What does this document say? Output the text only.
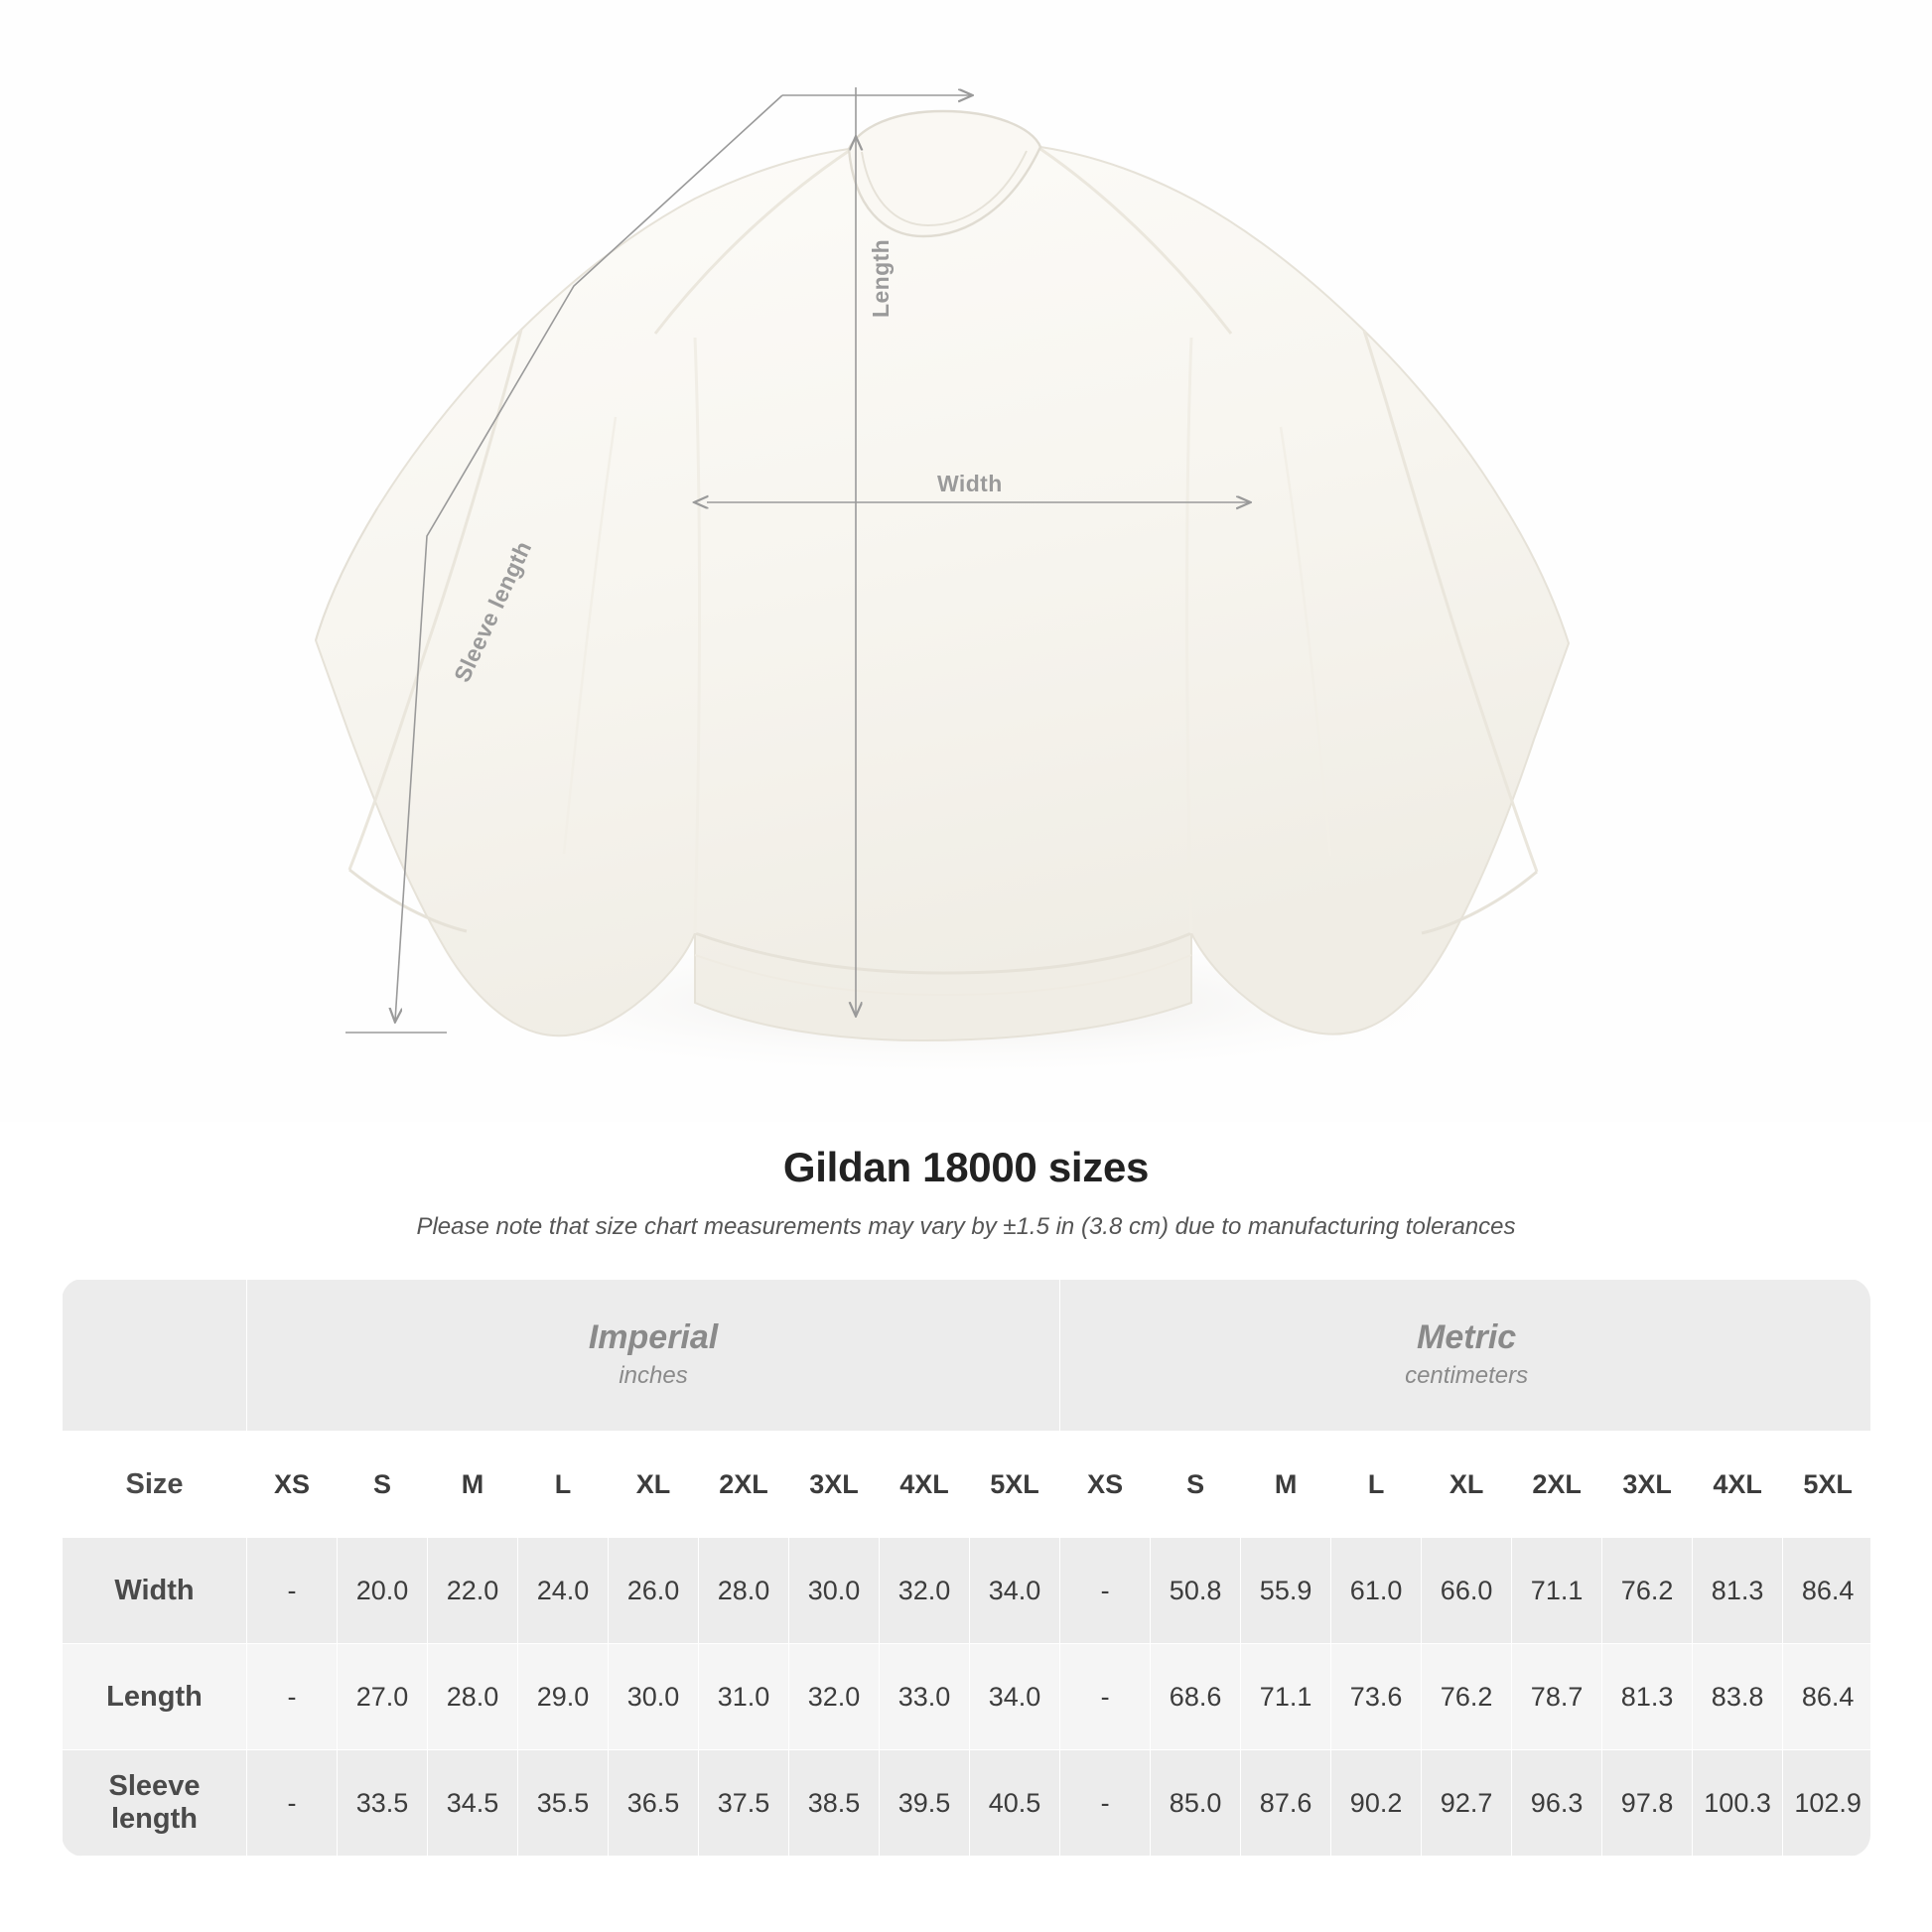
Length
Width
Sleeve length
Gildan 18000 sizes
Please note that size chart measurements may vary by ±1.5 in (3.8 cm) due to manufacturing tolerances

Imperial
inches

Metric
centimeters

Size	XS	S	M	L	XL	2XL	3XL	4XL	5XL	XS	S	M	L	XL	2XL	3XL	4XL	5XL
Width	-	20.0	22.0	24.0	26.0	28.0	30.0	32.0	34.0	-	50.8	55.9	61.0	66.0	71.1	76.2	81.3	86.4
Length	-	27.0	28.0	29.0	30.0	31.0	32.0	33.0	34.0	-	68.6	71.1	73.6	76.2	78.7	81.3	83.8	86.4
Sleeve length	-	33.5	34.5	35.5	36.5	37.5	38.5	39.5	40.5	-	85.0	87.6	90.2	92.7	96.3	97.8	100.3	102.9
